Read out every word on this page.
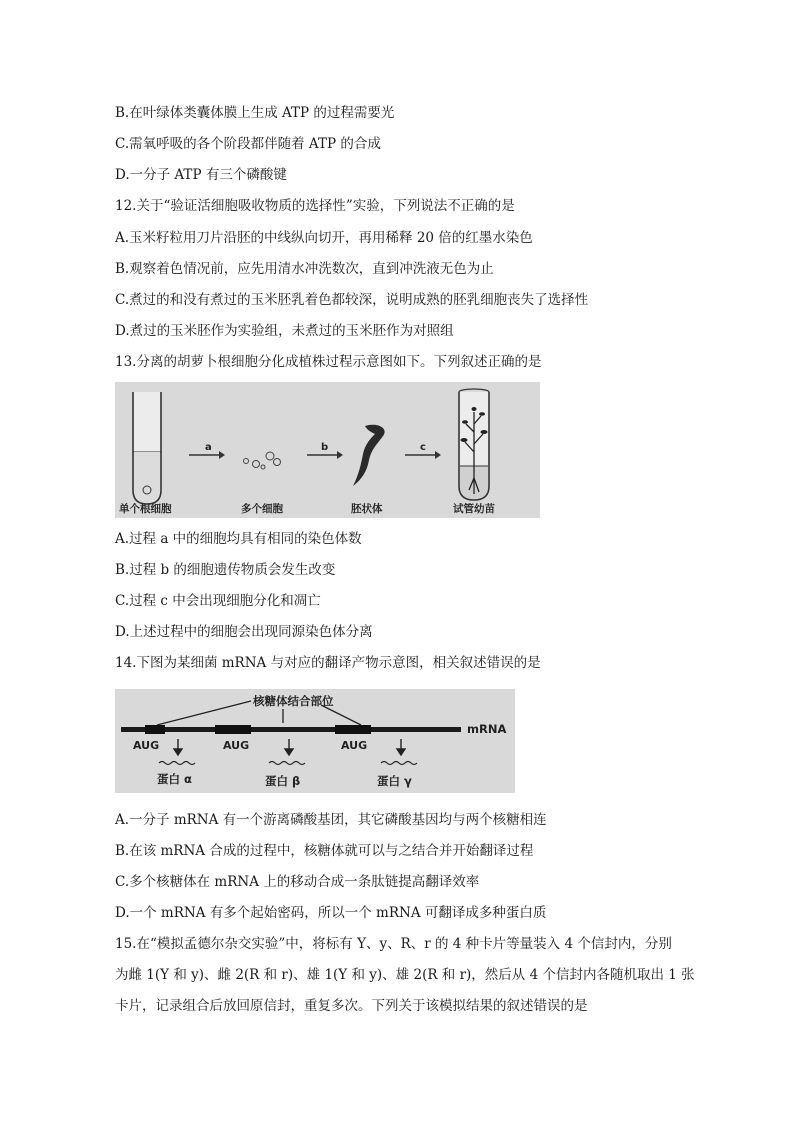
B.在叶绿体类囊体膜上生成 ATP 的过程需要光
C.需氧呼吸的各个阶段都伴随着 ATP 的合成
D.一分子 ATP 有三个磷酸键
12.关于“验证活细胞吸收物质的选择性”实验，下列说法不正确的是
A.玉米籽粒用刀片沿胚的中线纵向切开，再用稀释 20 倍的红墨水染色
B.观察着色情况前，应先用清水冲洗数次，直到冲洗液无色为止
C.煮过的和没有煮过的玉米胚乳着色都较深，说明成熟的胚乳细胞丧失了选择性
D.煮过的玉米胚作为实验组，未煮过的玉米胚作为对照组
13.分离的胡萝卜根细胞分化成植株过程示意图如下。下列叙述正确的是
a	b	c
单个根细胞	多个细胞	胚状体	试管幼苗
A.过程 a 中的细胞均具有相同的染色体数
B.过程 b 的细胞遗传物质会发生改变
C.过程 c 中会出现细胞分化和凋亡
D.上述过程中的细胞会出现同源染色体分离
14.下图为某细菌 mRNA 与对应的翻译产物示意图，相关叙述错误的是
核糖体结合部位
mRNA
AUG	AUG	AUG
蛋白 α	蛋白 β	蛋白 γ
A.一分子 mRNA 有一个游离磷酸基团，其它磷酸基因均与两个核糖相连
B.在该 mRNA 合成的过程中，核糖体就可以与之结合并开始翻译过程
C.多个核糖体在 mRNA 上的移动合成一条肽链提高翻译效率
D.一个 mRNA 有多个起始密码，所以一个 mRNA 可翻译成多种蛋白质
15.在“模拟孟德尔杂交实验”中，将标有 Y、y、R、r 的 4 种卡片等量装入 4 个信封内，分别
为雌 1(Y 和 y)、雌 2(R 和 r)、雄 1(Y 和 y)、雄 2(R 和 r)，然后从 4 个信封内各随机取出 1 张
卡片，记录组合后放回原信封，重复多次。下列关于该模拟结果的叙述错误的是
